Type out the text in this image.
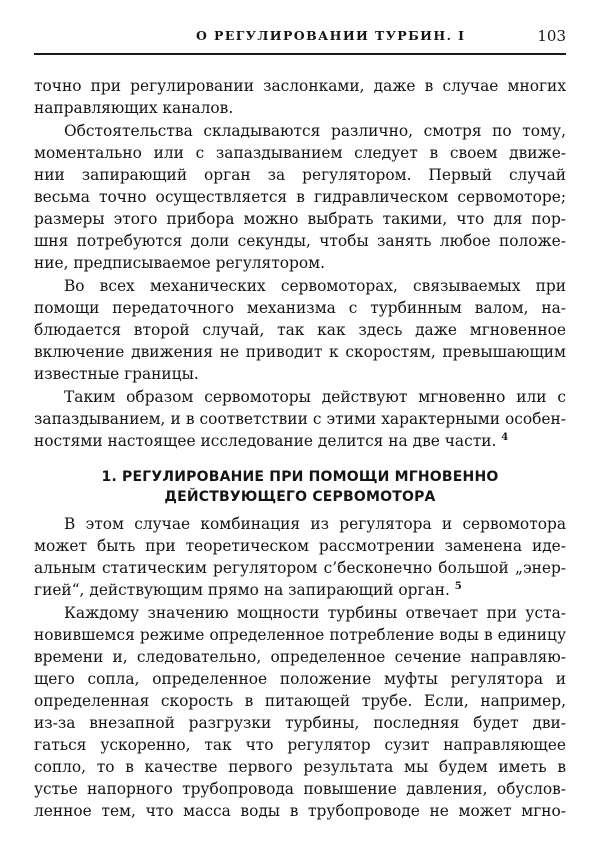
О РЕГУЛИРОВАНИИ ТУРБИН. I	103
точно при регулировании заслонками, даже в случае многих
направляющих каналов.
Обстоятельства складываются различно, смотря по тому,
моментально или с запаздыванием следует в своем движе-
нии запирающий орган за регулятором. Первый случай
весьма точно осуществляется в гидравлическом сервомоторе;
размеры этого прибора можно выбрать такими, что для пор-
шня потребуются доли секунды, чтобы занять любое положе-
ние, предписываемое регулятором.
Во всех механических сервомоторах, связываемых при
помощи передаточного механизма с турбинным валом, на-
блюдается второй случай, так как здесь даже мгновенное
включение движения не приводит к скоростям, превышающим
известные границы.
Таким образом сервомоторы действуют мгновенно или с
запаздыванием, и в соответствии с этими характерными особен-
ностями настоящее исследование делится на две части. $^4$
1. РЕГУЛИРОВАНИЕ ПРИ ПОМОЩИ МГНОВЕННО
ДЕЙСТВУЮЩЕГО СЕРВОМОТОРА
В этом случае комбинация из регулятора и сервомотора
может быть при теоретическом рассмотрении заменена иде-
альным статическим регулятором с’бесконечно большой „энер-
гией“, действующим прямо на запирающий орган. $^5$
Каждому значению мощности турбины отвечает при уста-
новившемся режиме определенное потребление воды в единицу
времени и, следовательно, определенное сечение направляю-
щего сопла, определенное положение муфты регулятора и
определенная скорость в питающей трубе. Если, например,
из-за внезапной разгрузки турбины, последняя будет дви-
гаться ускоренно, так что регулятор сузит направляющее
сопло, то в качестве первого результата мы будем иметь в
устье напорного трубопровода повышение давления, обуслов-
ленное тем, что масса воды в трубопроводе не может мгно-
